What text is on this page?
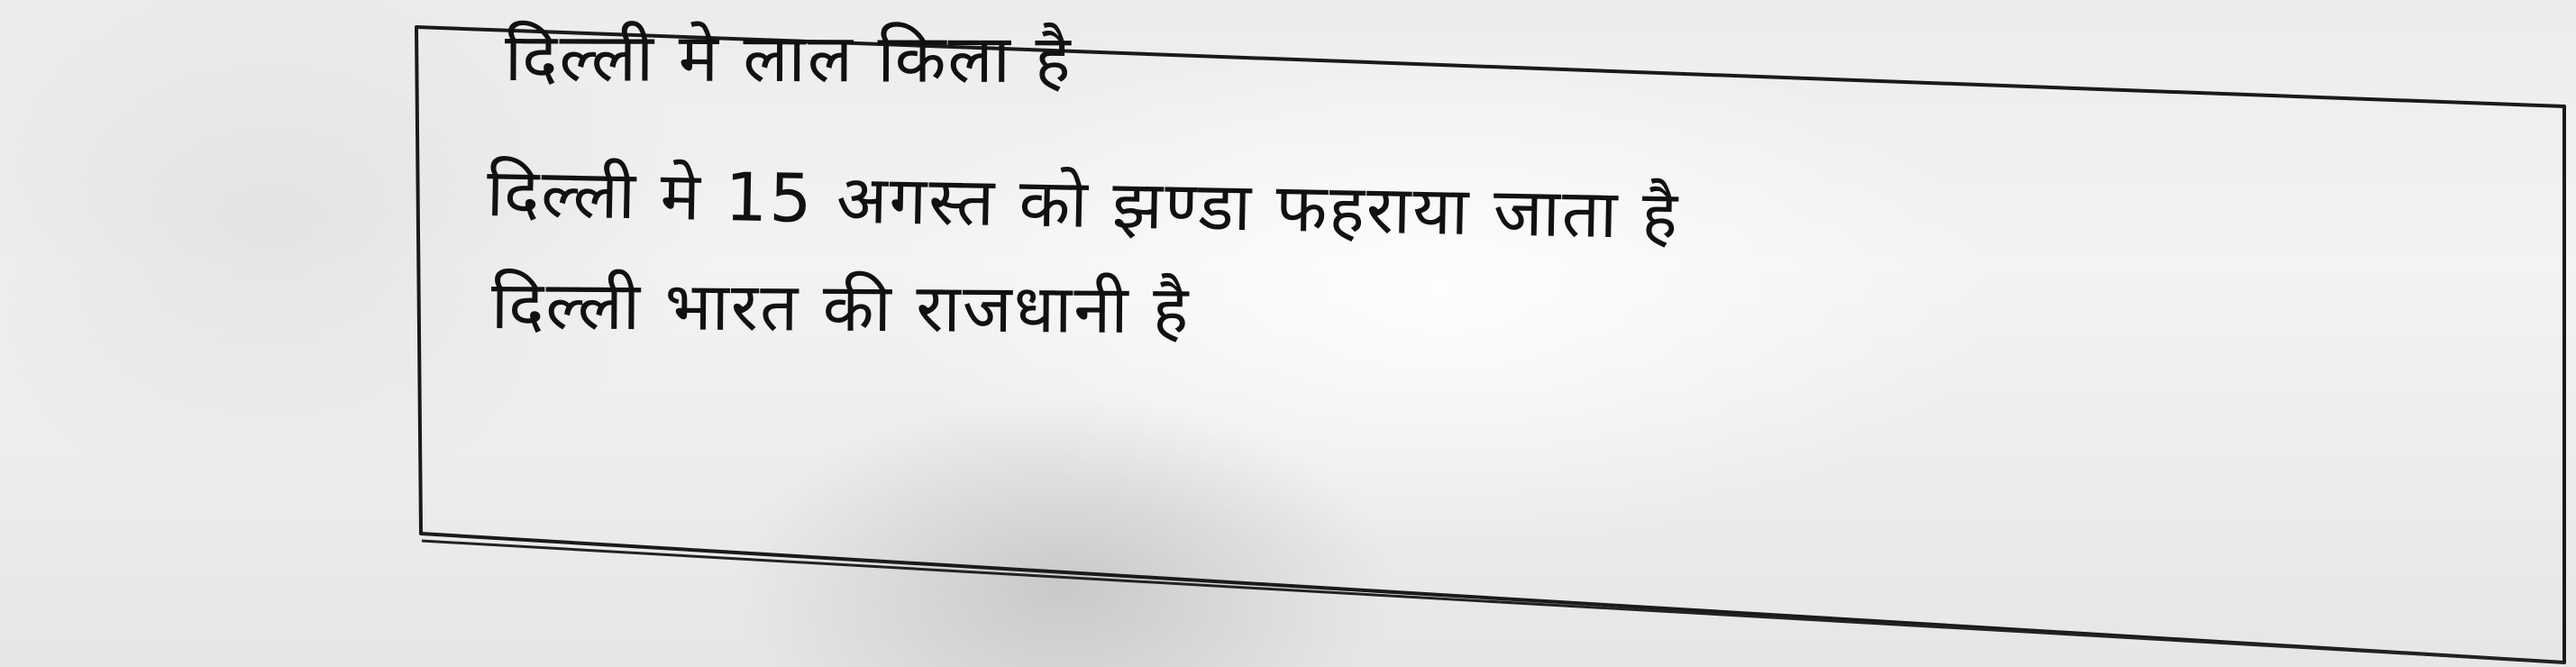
दिल्ली मे लाल किला है

दिल्ली मे 15 अगस्त को झण्डा फहराया जाता है

दिल्ली भारत की राजधानी है
